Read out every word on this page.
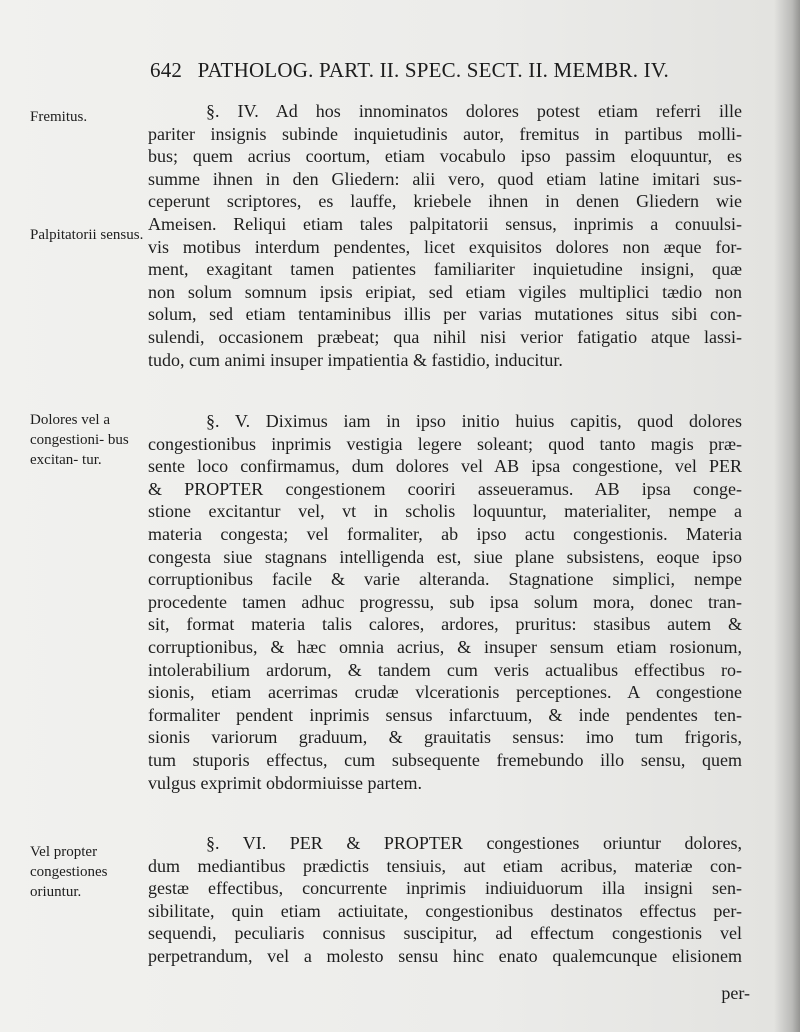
642 PATHOLOG. PART. II. SPEC. SECT. II. MEMBR. IV.
Fremitus.
Palpitatorii sensus.
Dolores vel a congestioni- bus excitan- tur.
Vel propter congestiones oriuntur.
§. IV. Ad hos innominatos dolores potest etiam referri ille
pariter insignis subinde inquietudinis autor, fremitus in partibus molli-
bus; quem acrius coortum, etiam vocabulo ipso passim eloquuntur, es
summe ihnen in den Gliedern: alii vero, quod etiam latine imitari sus-
ceperunt scriptores, es lauffe, kriebele ihnen in denen Gliedern wie
Ameisen. Reliqui etiam tales palpitatorii sensus, inprimis a conuulsi-
vis motibus interdum pendentes, licet exquisitos dolores non æque for-
ment, exagitant tamen patientes familiariter inquietudine insigni, quæ
non solum somnum ipsis eripiat, sed etiam vigiles multiplici tædio non
solum, sed etiam tentaminibus illis per varias mutationes situs sibi con-
sulendi, occasionem præbeat; qua nihil nisi verior fatigatio atque lassi-
tudo, cum animi insuper impatientia & fastidio, inducitur.
§. V. Diximus iam in ipso initio huius capitis, quod dolores
congestionibus inprimis vestigia legere soleant; quod tanto magis præ-
sente loco confirmamus, dum dolores vel AB ipsa congestione, vel PER
& PROPTER congestionem cooriri asseueramus. AB ipsa conge-
stione excitantur vel, vt in scholis loquuntur, materialiter, nempe a
materia congesta; vel formaliter, ab ipso actu congestionis. Materia
congesta siue stagnans intelligenda est, siue plane subsistens, eoque ipso
corruptionibus facile & varie alteranda. Stagnatione simplici, nempe
procedente tamen adhuc progressu, sub ipsa solum mora, donec tran-
sit, format materia talis calores, ardores, pruritus: stasibus autem &
corruptionibus, & hæc omnia acrius, & insuper sensum etiam rosionum,
intolerabilium ardorum, & tandem cum veris actualibus effectibus ro-
sionis, etiam acerrimas crudæ vlcerationis perceptiones. A congestione
formaliter pendent inprimis sensus infarctuum, & inde pendentes ten-
sionis variorum graduum, & grauitatis sensus: imo tum frigoris,
tum stuporis effectus, cum subsequente fremebundo illo sensu, quem
vulgus exprimit obdormiuisse partem.
§. VI. PER & PROPTER congestiones oriuntur dolores,
dum mediantibus prædictis tensiuis, aut etiam acribus, materiæ con-
gestæ effectibus, concurrente inprimis indiuiduorum illa insigni sen-
sibilitate, quin etiam actiuitate, congestionibus destinatos effectus per-
sequendi, peculiaris connisus suscipitur, ad effectum congestionis vel
perpetrandum, vel a molesto sensu hinc enato qualemcunque elisionem
per-
